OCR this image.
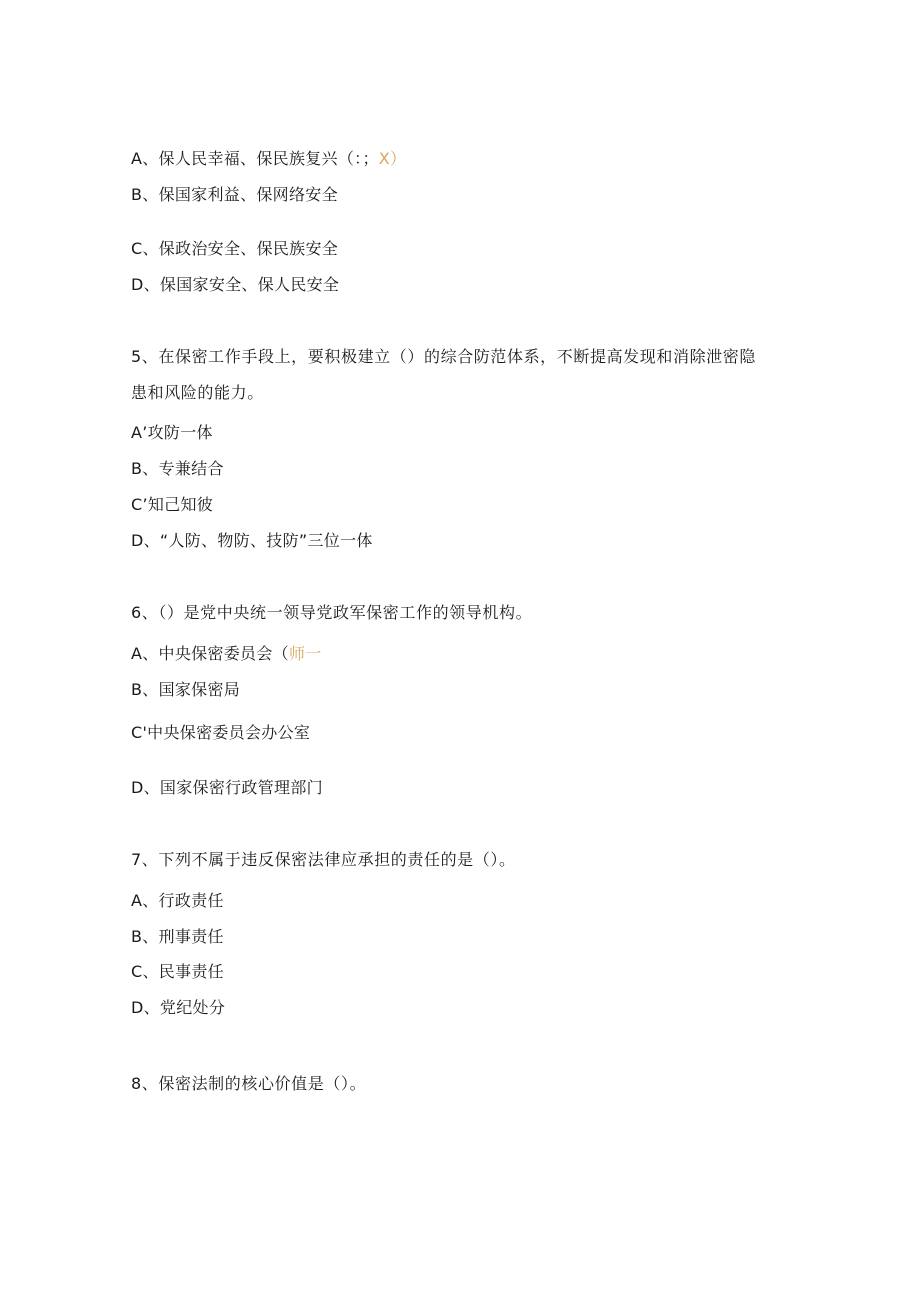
A、保人民幸福、保民族复兴（：；X）
B、保国家利益、保网络安全
C、保政治安全、保民族安全
D、保国家安全、保人民安全
5、在保密工作手段上，要积极建立（）的综合防范体系，不断提高发现和消除泄密隐
患和风险的能力。
A’攻防一体
B、专兼结合
C’知己知彼
D、“人防、物防、技防”三位一体
6、（）是党中央统一领导党政军保密工作的领导机构。
A、中央保密委员会（师一
B、国家保密局
C'中央保密委员会办公室
D、国家保密行政管理部门
7、下列不属于违反保密法律应承担的责任的是（）。
A、行政责任
B、刑事责任
C、民事责任
D、党纪处分
8、保密法制的核心价值是（）。
